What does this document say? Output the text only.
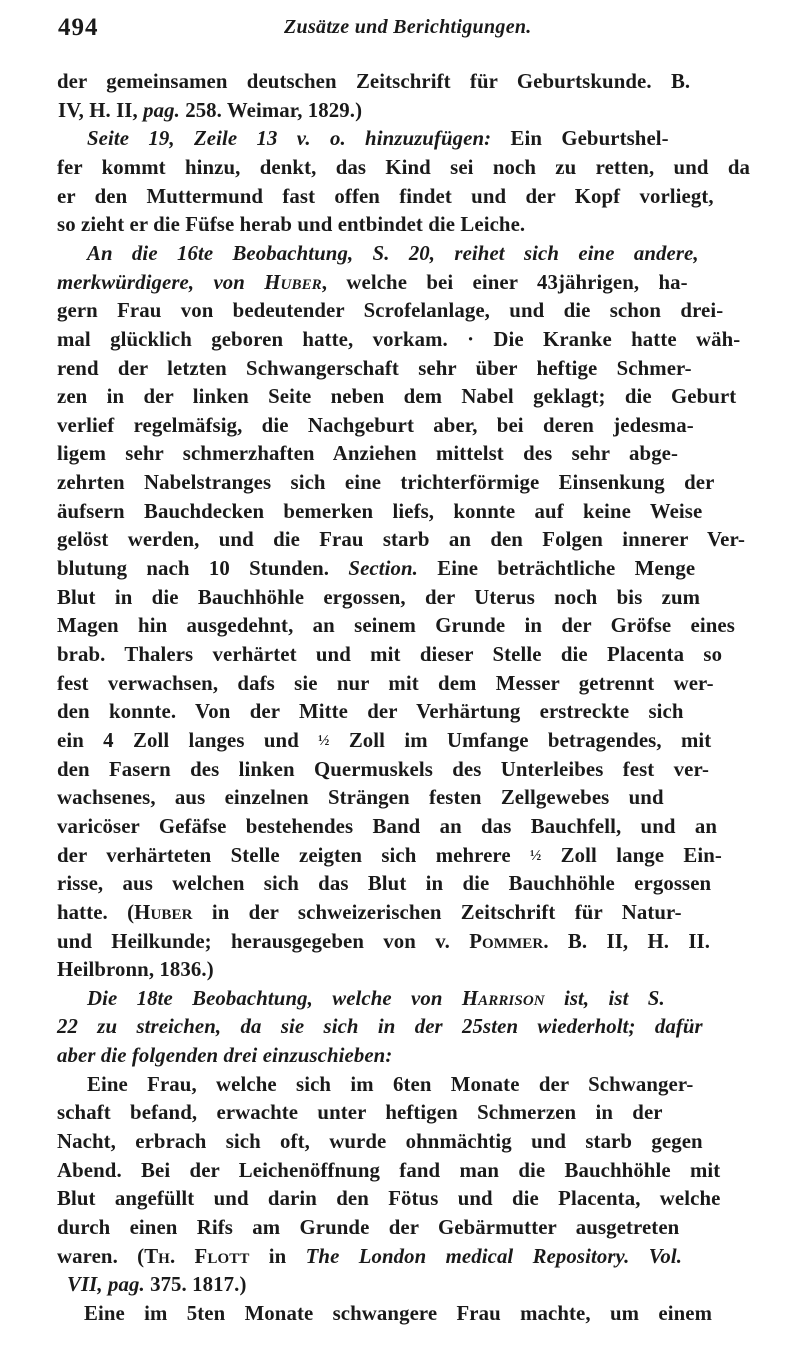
494	Zusätze und Berichtigungen.
der gemeinsamen deutschen Zeitschrift für Geburtskunde. B.
IV, H. II, pag. 258. Weimar, 1829.)
Seite 19, Zeile 13 v. o. hinzuzufügen: Ein Geburtshel-
fer kommt hinzu, denkt, das Kind sei noch zu retten, und da
er den Muttermund fast offen findet und der Kopf vorliegt,
so zieht er die Füfse herab und entbindet die Leiche.
An die 16te Beobachtung, S. 20, reihet sich eine andere,
merkwürdigere, von Huber, welche bei einer 43jährigen, ha-
gern Frau von bedeutender Scrofelanlage, und die schon drei-
mal glücklich geboren hatte, vorkam. · Die Kranke hatte wäh-
rend der letzten Schwangerschaft sehr über heftige Schmer-
zen in der linken Seite neben dem Nabel geklagt; die Geburt
verlief regelmäfsig, die Nachgeburt aber, bei deren jedesma-
ligem sehr schmerzhaften Anziehen mittelst des sehr abge-
zehrten Nabelstranges sich eine trichterförmige Einsenkung der
äufsern Bauchdecken bemerken liefs, konnte auf keine Weise
gelöst werden, und die Frau starb an den Folgen innerer Ver-
blutung nach 10 Stunden. Section. Eine beträchtliche Menge
Blut in die Bauchhöhle ergossen, der Uterus noch bis zum
Magen hin ausgedehnt, an seinem Grunde in der Gröfse eines
brab. Thalers verhärtet und mit dieser Stelle die Placenta so
fest verwachsen, dafs sie nur mit dem Messer getrennt wer-
den konnte. Von der Mitte der Verhärtung erstreckte sich
ein 4 Zoll langes und ½ Zoll im Umfange betragendes, mit
den Fasern des linken Quermuskels des Unterleibes fest ver-
wachsenes, aus einzelnen Strängen festen Zellgewebes und
varicöser Gefäfse bestehendes Band an das Bauchfell, und an
der verhärteten Stelle zeigten sich mehrere ½ Zoll lange Ein-
risse, aus welchen sich das Blut in die Bauchhöhle ergossen
hatte. (Huber in der schweizerischen Zeitschrift für Natur-
und Heilkunde; herausgegeben von v. Pommer. B. II, H. II.
Heilbronn, 1836.)
Die 18te Beobachtung, welche von Harrison ist, ist S.
22 zu streichen, da sie sich in der 25sten wiederholt; dafür
aber die folgenden drei einzuschieben:
Eine Frau, welche sich im 6ten Monate der Schwanger-
schaft befand, erwachte unter heftigen Schmerzen in der
Nacht, erbrach sich oft, wurde ohnmächtig und starb gegen
Abend. Bei der Leichenöffnung fand man die Bauchhöhle mit
Blut angefüllt und darin den Fötus und die Placenta, welche
durch einen Rifs am Grunde der Gebärmutter ausgetreten
waren. (Th. Flott in The London medical Repository. Vol.
VII, pag. 375. 1817.)
Eine im 5ten Monate schwangere Frau machte, um einem
